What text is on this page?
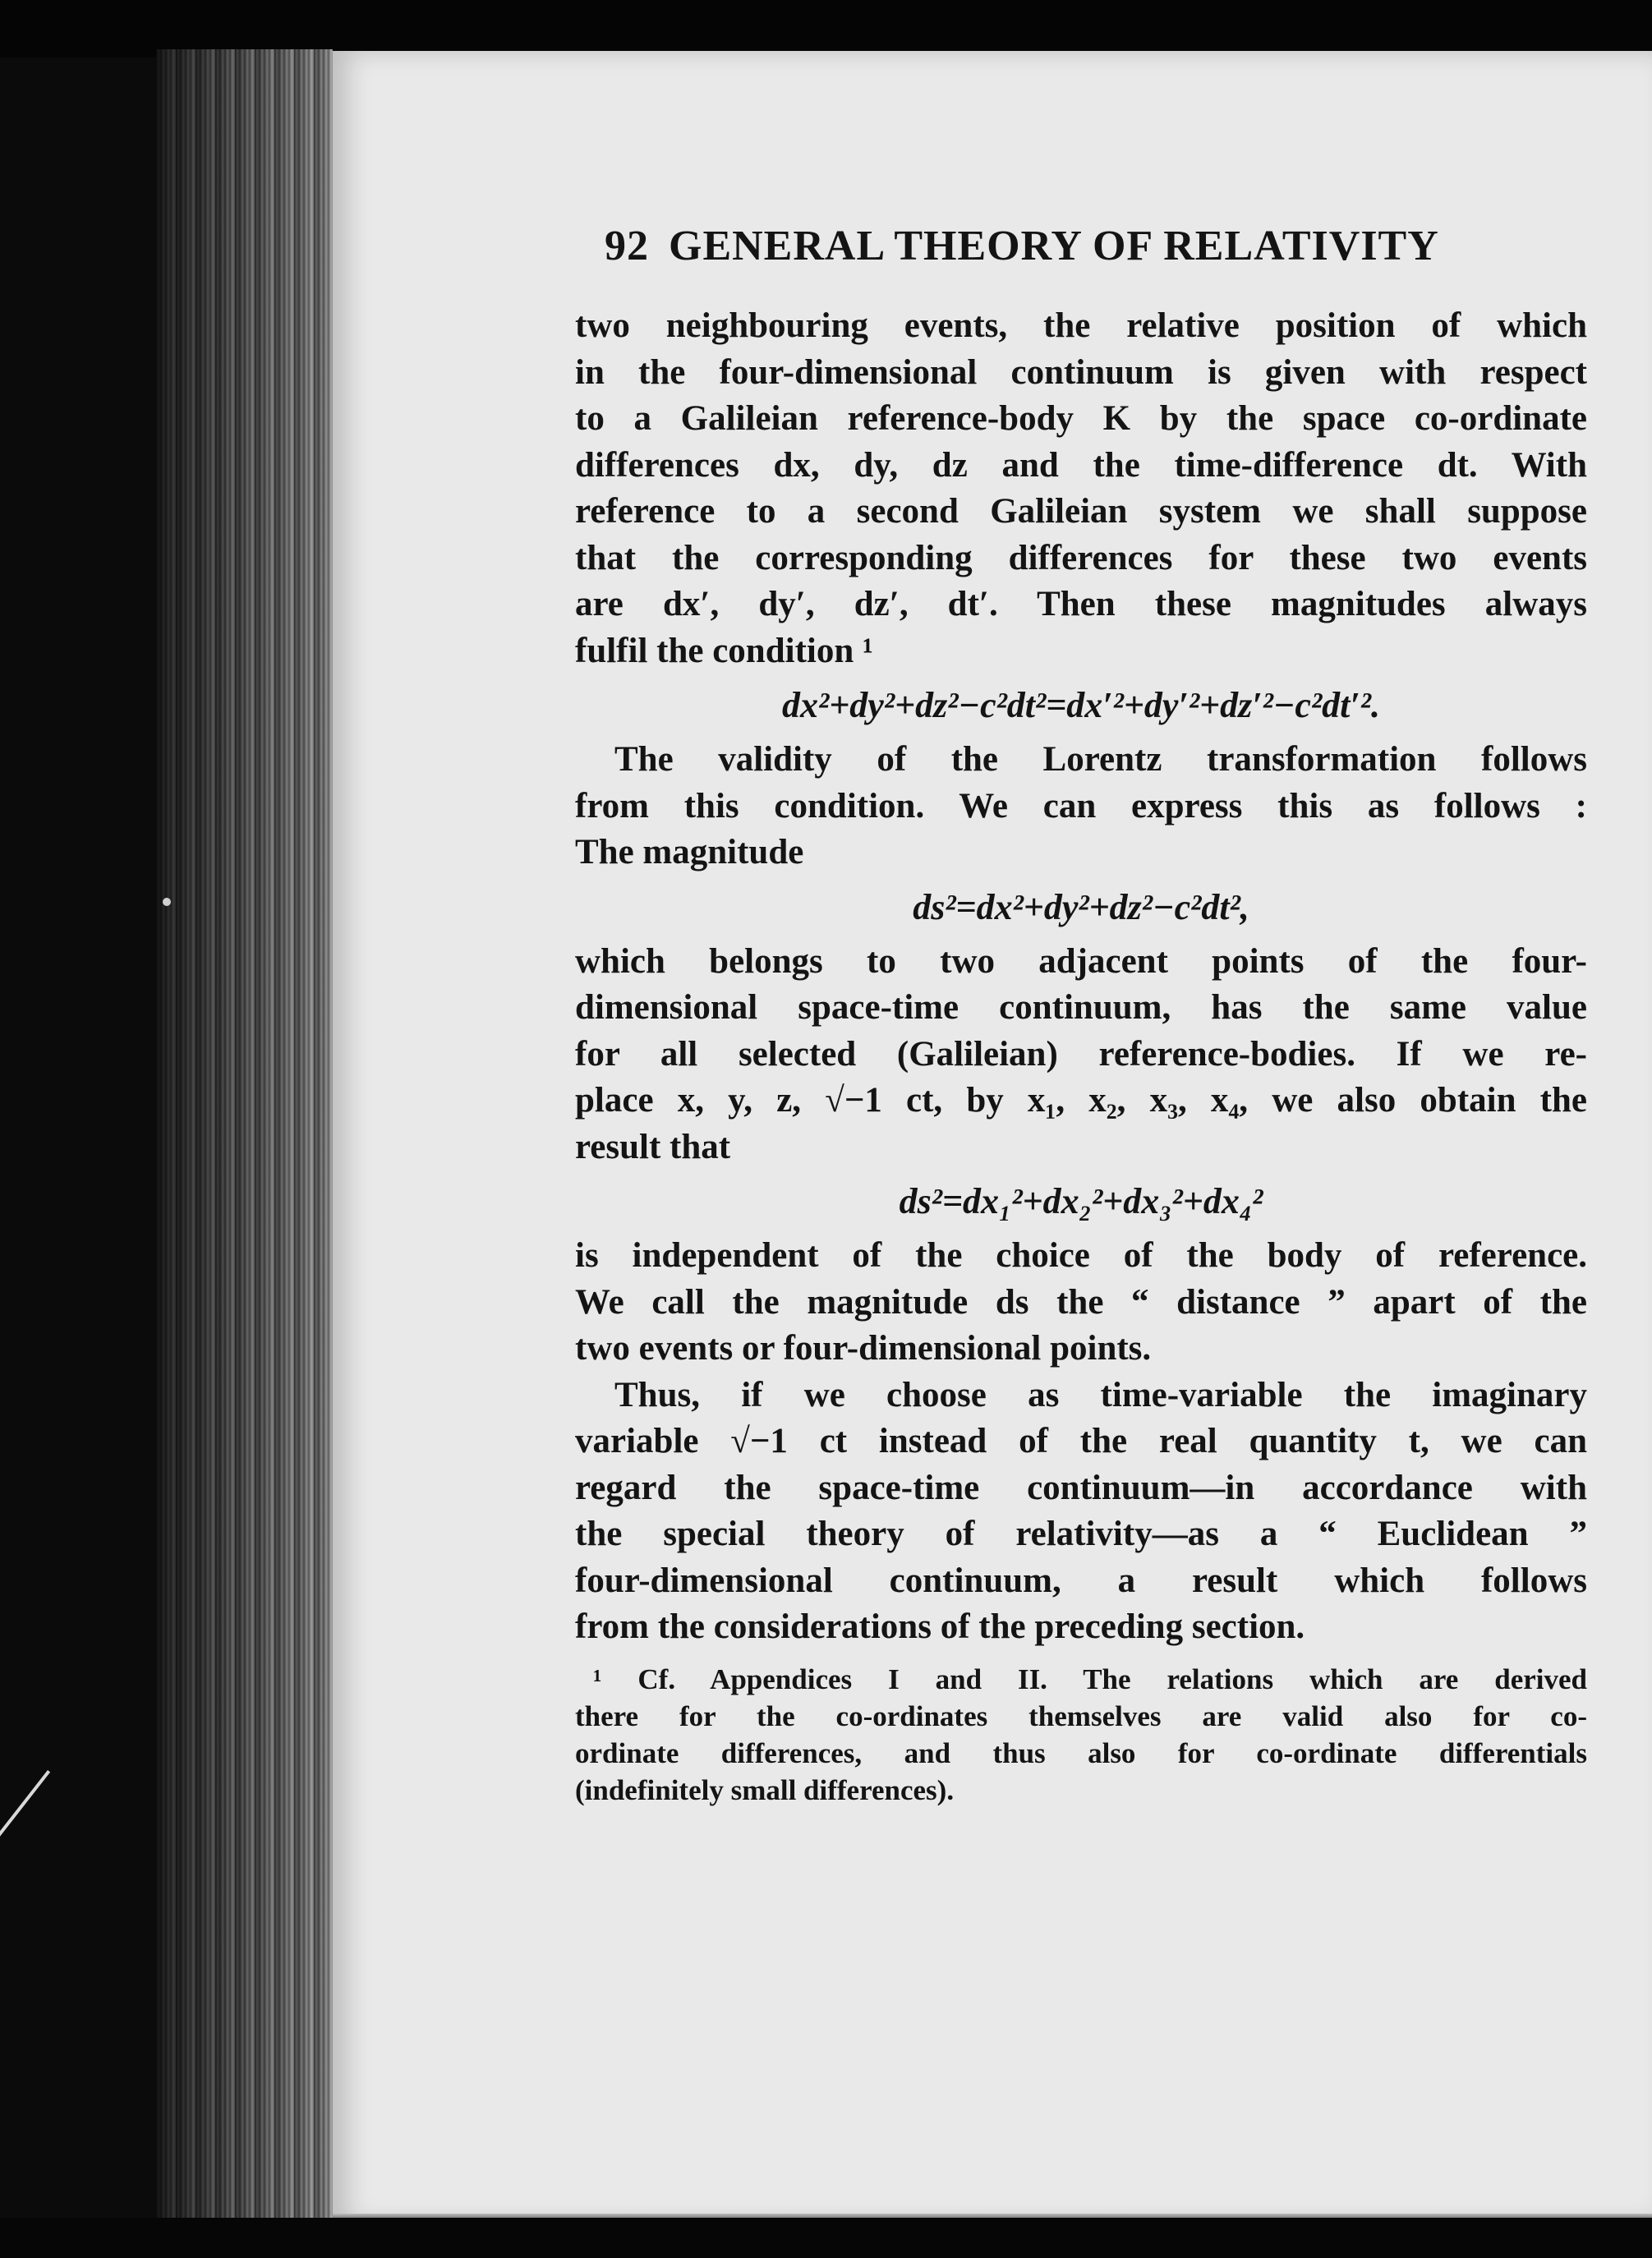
92 GENERAL THEORY OF RELATIVITY
two neighbouring events, the relative position of which
in the four-dimensional continuum is given with respect
to a Galileian reference-body K by the space co-ordinate
differences dx, dy, dz and the time-difference dt. With
reference to a second Galileian system we shall suppose
that the corresponding differences for these two events
are dx′, dy′, dz′, dt′. Then these magnitudes always
fulfil the condition ¹
dx²+dy²+dz²−c²dt²=dx′²+dy′²+dz′²−c²dt′².
The validity of the Lorentz transformation follows
from this condition. We can express this as follows :
The magnitude
ds²=dx²+dy²+dz²−c²dt²,
which belongs to two adjacent points of the four-
dimensional space-time continuum, has the same value
for all selected (Galileian) reference-bodies. If we re-
place x, y, z, √−1 ct, by x₁, x₂, x₃, x₄, we also obtain the
result that
ds²=dx₁²+dx₂²+dx₃²+dx₄²
is independent of the choice of the body of reference.
We call the magnitude ds the “ distance ” apart of the
two events or four-dimensional points.
Thus, if we choose as time-variable the imaginary
variable √−1 ct instead of the real quantity t, we can
regard the space-time continuum—in accordance with
the special theory of relativity—as a “ Euclidean ”
four-dimensional continuum, a result which follows
from the considerations of the preceding section.
¹ Cf. Appendices I and II. The relations which are derived
there for the co-ordinates themselves are valid also for co-
ordinate differences, and thus also for co-ordinate differentials
(indefinitely small differences).
